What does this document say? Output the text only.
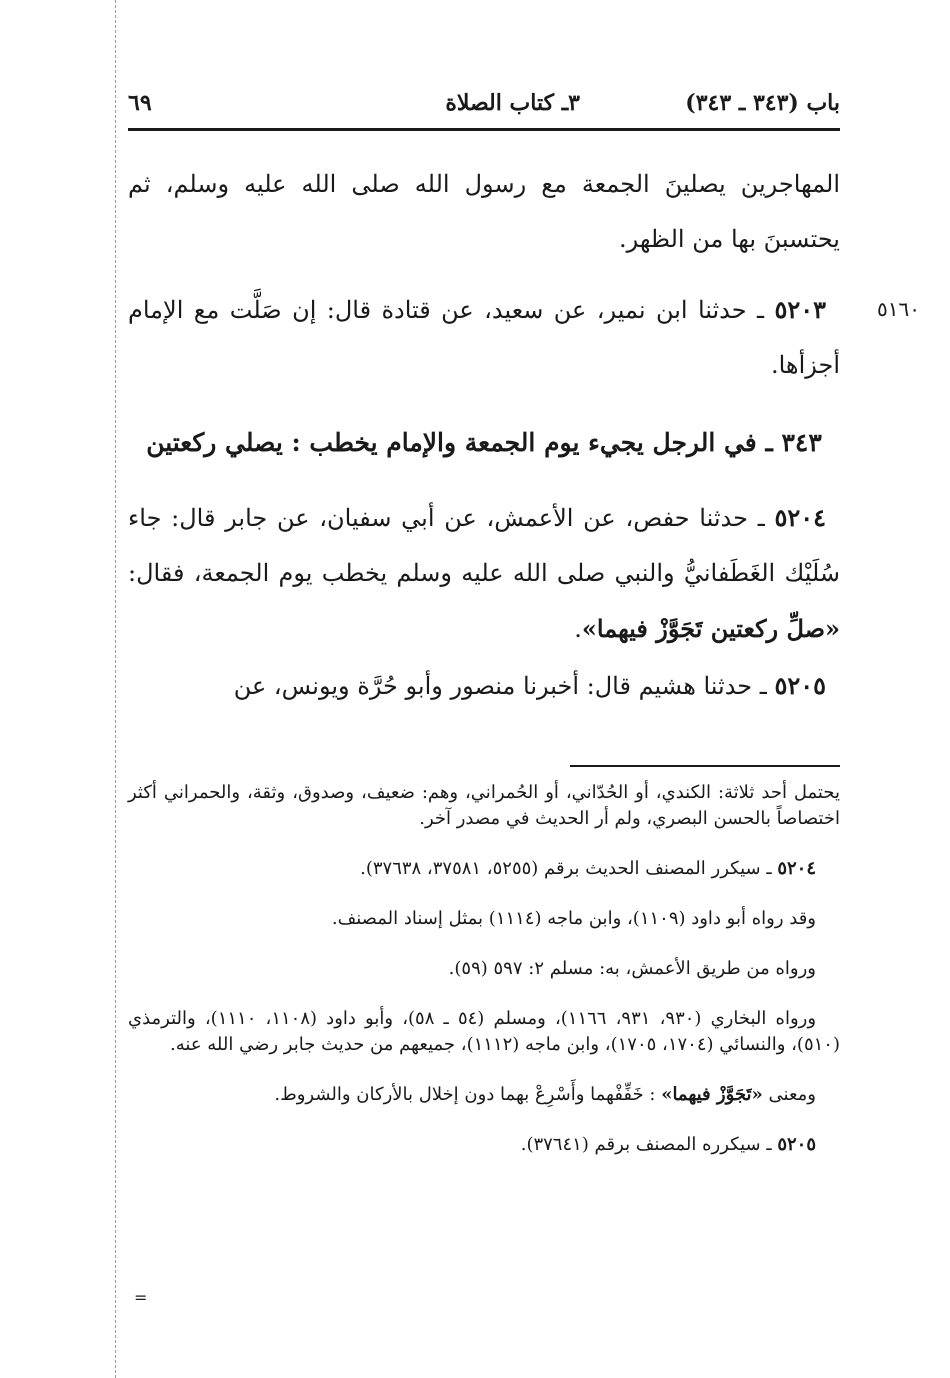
باب (٣٤٣ ـ ٣٤٣)
٣ـ كتاب الصلاة
٦٩
المهاجرين يصلينَ الجمعة مع رسول الله صلى الله عليه وسلم، ثم يحتسبنَ بها من الظهر.
٥١٦٠
٥٢٠٣ ـ حدثنا ابن نمير، عن سعيد، عن قتادة قال: إن صَلَّت مع الإمام أجزأها.
٣٤٣ ـ في الرجل يجيء يوم الجمعة والإمام يخطب : يصلي ركعتين
٥٢٠٤ ـ حدثنا حفص، عن الأعمش، عن أبي سفيان، عن جابر قال: جاء سُلَيْك الغَطَفانيُّ والنبي صلى الله عليه وسلم يخطب يوم الجمعة، فقال: «صلِّ ركعتين تَجَوَّزْ فيهما».
٥٢٠٥ ـ حدثنا هشيم قال: أخبرنا منصور وأبو حُرَّة ويونس، عن

يحتمل أحد ثلاثة: الكندي، أو الحُدّاني، أو الحُمراني، وهم: ضعيف، وصدوق، وثقة، والحمراني أكثر اختصاصاً بالحسن البصري، ولم أر الحديث في مصدر آخر.

٥٢٠٤ ـ سيكرر المصنف الحديث برقم (٥٢٥٥، ٣٧٥٨١، ٣٧٦٣٨).

وقد رواه أبو داود (١١٠٩)، وابن ماجه (١١١٤) بمثل إسناد المصنف.

ورواه من طريق الأعمش، به: مسلم ٢: ٥٩٧ (٥٩).

ورواه البخاري (٩٣٠، ٩٣١، ١١٦٦)، ومسلم (٥٤ ـ ٥٨)، وأبو داود (١١٠٨، ١١١٠)، والترمذي (٥١٠)، والنسائي (١٧٠٤، ١٧٠٥)، وابن ماجه (١١١٢)، جميعهم من حديث جابر رضي الله عنه.

ومعنى «تَجَوَّزْ فيهما» : خَفِّفْهما وأَسْرِعْ بهما دون إخلال بالأركان والشروط.

٥٢٠٥ ـ سيكرره المصنف برقم (٣٧٦٤١).

=
